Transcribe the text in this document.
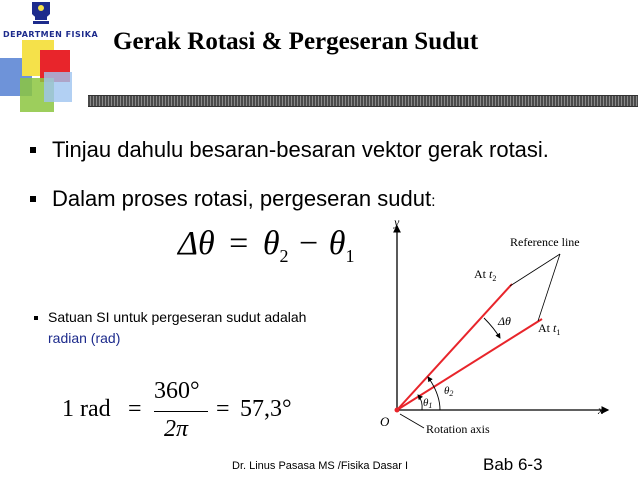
DEPARTMEN FISIKA Gerak Rotasi & Pergeseran Sudut
Tinjau dahulu besaran-besaran vektor gerak rotasi.
Dalam proses rotasi, pergeseran sudut:
$\Delta\theta = \theta_2 - \theta_1$
Satuan SI untuk pergeseran sudut adalah
radian (rad)
1 rad =
360°
2π
= 57,3°
y
x
O
Reference line
At $t_2$
At $t_1$
Δθ
θ1
θ2
Rotation axis
Dr. Linus Pasasa MS /Fisika Dasar I	Bab 6-3
